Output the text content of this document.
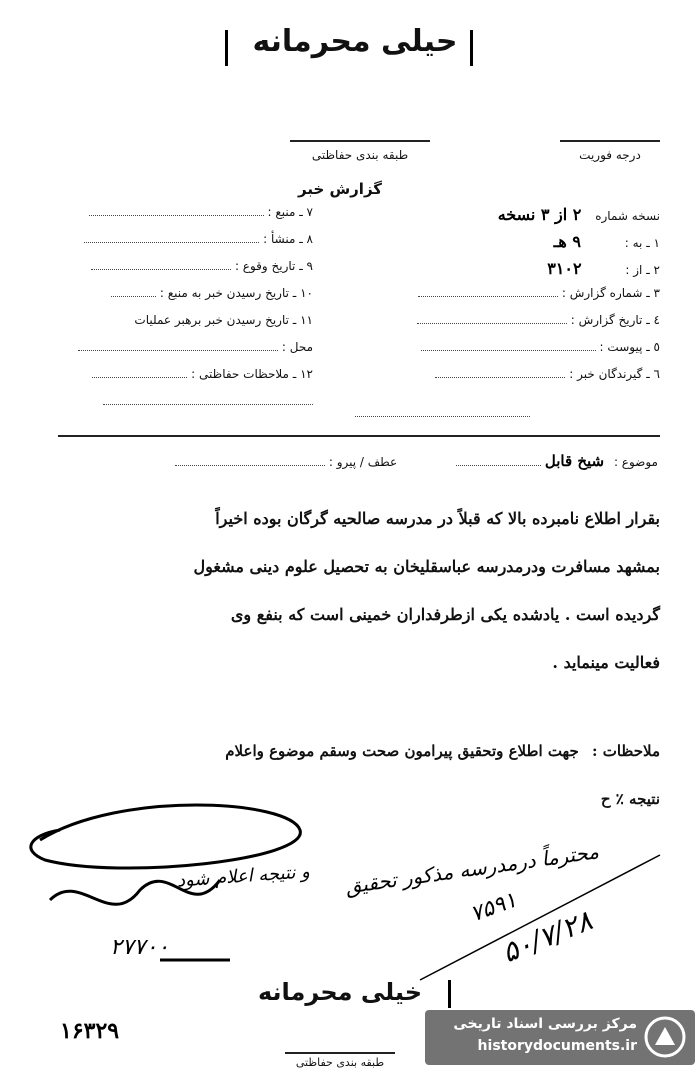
حیلی محرمانه
طبقه بندی حفاظتی	درجه فوریت
گزارش خبر
نسخه شماره ۲ از ۳ نسخه
۱ ـ به : ۹ هـ
۲ ـ از : ۳۱۰۲
۳ ـ شماره گزارش :
٤ ـ تاریخ گزارش :
٥ ـ پیوست :
٦ ـ گیرندگان خبر :
۷ ـ منبع :
۸ ـ منشأ :
۹ ـ تاریخ وقوع :
۱۰ ـ تاریخ رسیدن خبر به منبع :
۱۱ ـ تاریخ رسیدن خبر برهبر عملیات
محل :
۱۲ ـ ملاحظات حفاظتی :
موضوع : شیخ قابل  عطف / پیرو :
بقرار اطلاع نامبرده بالا که قبلاً در مدرسه صالحیه گرگان بوده اخیراً
بمشهد مسافرت ودرمدرسه عباسقلیخان به تحصیل علوم دینی مشغول
گردیده است . یادشده یکی ازطرفداران خمینی است که بنفع وی
فعالیت مینماید .
ملاحظات : جهت اطلاع وتحقیق پیرامون صحت وسقم موضوع واعلام
نتیجه ٪ ح
محترماً درمدرسه مذکور تحقیق
و نتیجه اعلام شود
۷۵۹۱
۵۰/۷/۲۸
۲۷۷۰۰
خیلی محرمانه
۱۶۳۲۹
طبقه بندی حفاظتی
مرکز بررسی اسناد تاریخی
historydocuments.ir
